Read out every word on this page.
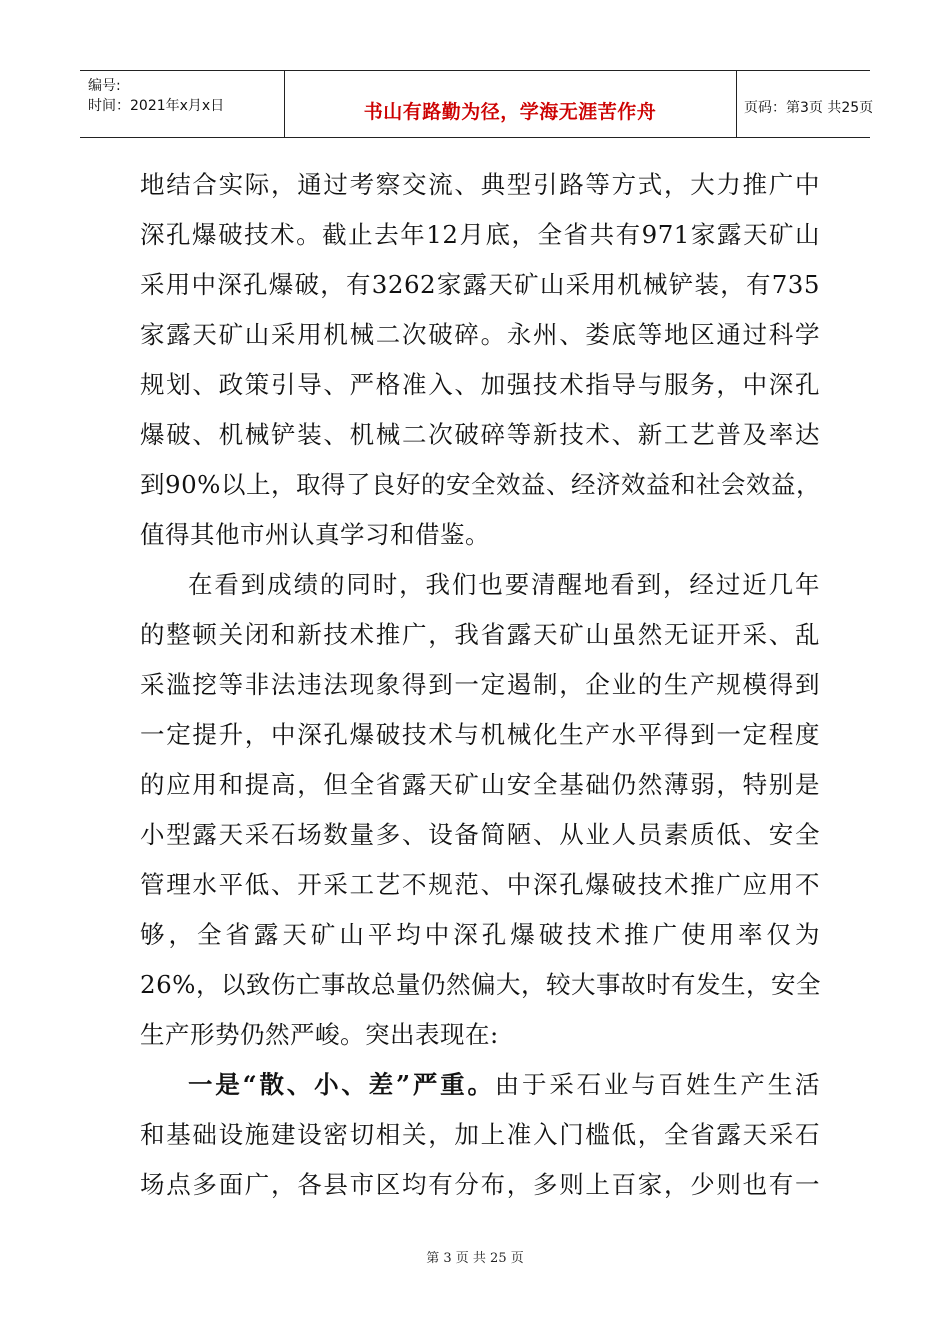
编号:
时间：2021年x月x日	书山有路勤为径，学海无涯苦作舟	页码：第3页 共25页
地结合实际，通过考察交流、典型引路等方式，大力推广中
深孔爆破技术。截止去年12月底，全省共有971家露天矿山
采用中深孔爆破，有3262家露天矿山采用机械铲装，有735
家露天矿山采用机械二次破碎。永州、娄底等地区通过科学
规划、政策引导、严格准入、加强技术指导与服务，中深孔
爆破、机械铲装、机械二次破碎等新技术、新工艺普及率达
到90%以上，取得了良好的安全效益、经济效益和社会效益，
值得其他市州认真学习和借鉴。
在看到成绩的同时，我们也要清醒地看到，经过近几年
的整顿关闭和新技术推广，我省露天矿山虽然无证开采、乱
采滥挖等非法违法现象得到一定遏制，企业的生产规模得到
一定提升，中深孔爆破技术与机械化生产水平得到一定程度
的应用和提高，但全省露天矿山安全基础仍然薄弱，特别是
小型露天采石场数量多、设备简陋、从业人员素质低、安全
管理水平低、开采工艺不规范、中深孔爆破技术推广应用不
够，全省露天矿山平均中深孔爆破技术推广使用率仅为
26%，以致伤亡事故总量仍然偏大，较大事故时有发生，安全
生产形势仍然严峻。突出表现在:
一是“散、小、差”严重。由于采石业与百姓生产生活
和基础设施建设密切相关，加上准入门槛低，全省露天采石
场点多面广，各县市区均有分布，多则上百家，少则也有一
第 3 页 共 25 页
